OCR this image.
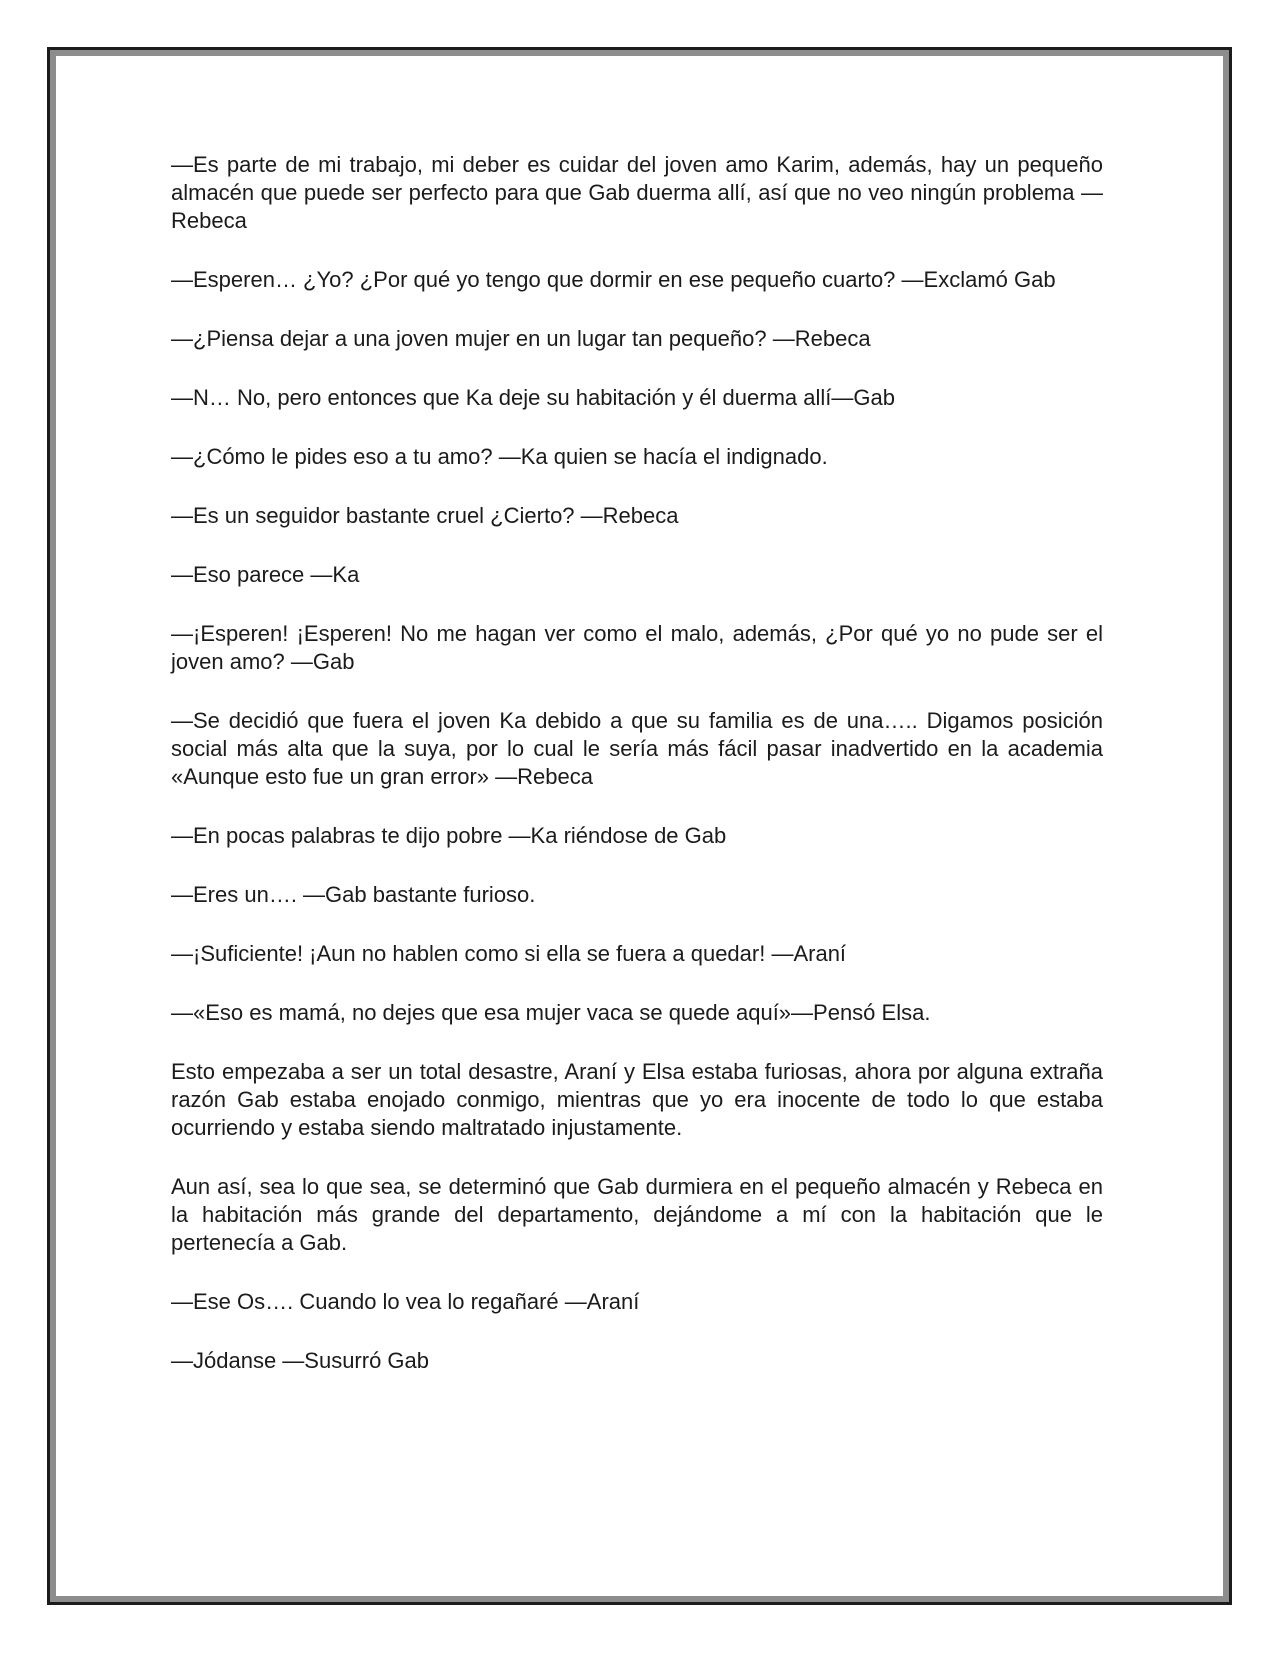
—Es parte de mi trabajo, mi deber es cuidar del joven amo Karim, además, hay un pequeño almacén que puede ser perfecto para que Gab duerma allí, así que no veo ningún problema —Rebeca

—Esperen… ¿Yo? ¿Por qué yo tengo que dormir en ese pequeño cuarto? —Exclamó Gab

—¿Piensa dejar a una joven mujer en un lugar tan pequeño? —Rebeca

—N… No, pero entonces que Ka deje su habitación y él duerma allí—Gab

—¿Cómo le pides eso a tu amo? —Ka quien se hacía el indignado.

—Es un seguidor bastante cruel ¿Cierto? —Rebeca

—Eso parece —Ka

—¡Esperen! ¡Esperen! No me hagan ver como el malo, además, ¿Por qué yo no pude ser el joven amo? —Gab

—Se decidió que fuera el joven Ka debido a que su familia es de una….. Digamos posición social más alta que la suya, por lo cual le sería más fácil pasar inadvertido en la academia «Aunque esto fue un gran error» —Rebeca

—En pocas palabras te dijo pobre —Ka riéndose de Gab

—Eres un…. —Gab bastante furioso.

—¡Suficiente! ¡Aun no hablen como si ella se fuera a quedar! —Araní

—«Eso es mamá, no dejes que esa mujer vaca se quede aquí»—Pensó Elsa.

Esto empezaba a ser un total desastre, Araní y Elsa estaba furiosas, ahora por alguna extraña razón Gab estaba enojado conmigo, mientras que yo era inocente de todo lo que estaba ocurriendo y estaba siendo maltratado injustamente.

Aun así, sea lo que sea, se determinó que Gab durmiera en el pequeño almacén y Rebeca en la habitación más grande del departamento, dejándome a mí con la habitación que le pertenecía a Gab.

—Ese Os…. Cuando lo vea lo regañaré —Araní

—Jódanse —Susurró Gab
